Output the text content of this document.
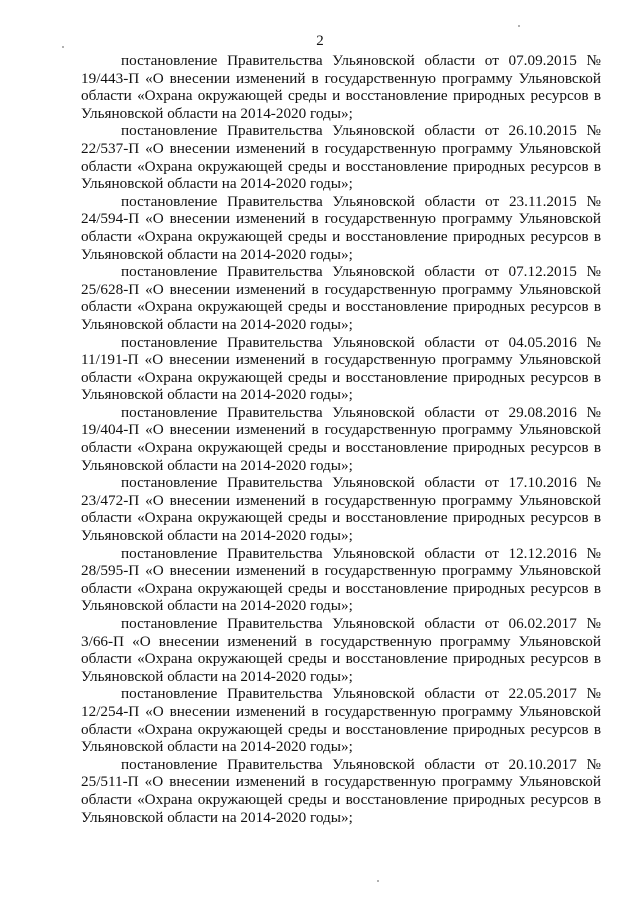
2

постановление Правительства Ульяновской области от 07.09.2015 № 19/443-П «О внесении изменений в государственную программу Ульяновской области «Охрана окружающей среды и восстановление природных ресурсов в Ульяновской области на 2014-2020 годы»;

постановление Правительства Ульяновской области от 26.10.2015 № 22/537-П «О внесении изменений в государственную программу Ульяновской области «Охрана окружающей среды и восстановление природных ресурсов в Ульяновской области на 2014-2020 годы»;

постановление Правительства Ульяновской области от 23.11.2015 № 24/594-П «О внесении изменений в государственную программу Ульяновской области «Охрана окружающей среды и восстановление природных ресурсов в Ульяновской области на 2014-2020 годы»;

постановление Правительства Ульяновской области от 07.12.2015 № 25/628-П «О внесении изменений в государственную программу Ульяновской области «Охрана окружающей среды и восстановление природных ресурсов в Ульяновской области на 2014-2020 годы»;

постановление Правительства Ульяновской области от 04.05.2016 № 11/191-П «О внесении изменений в государственную программу Ульяновской области «Охрана окружающей среды и восстановление природных ресурсов в Ульяновской области на 2014-2020 годы»;

постановление Правительства Ульяновской области от 29.08.2016 № 19/404-П «О внесении изменений в государственную программу Ульяновской области «Охрана окружающей среды и восстановление природных ресурсов в Ульяновской области на 2014-2020 годы»;

постановление Правительства Ульяновской области от 17.10.2016 № 23/472-П «О внесении изменений в государственную программу Ульяновской области «Охрана окружающей среды и восстановление природных ресурсов в Ульяновской области на 2014-2020 годы»;

постановление Правительства Ульяновской области от 12.12.2016 № 28/595-П «О внесении изменений в государственную программу Ульяновской области «Охрана окружающей среды и восстановление природных ресурсов в Ульяновской области на 2014-2020 годы»;

постановление Правительства Ульяновской области от 06.02.2017 № 3/66-П «О внесении изменений в государственную программу Ульяновской области «Охрана окружающей среды и восстановление природных ресурсов в Ульяновской области на 2014-2020 годы»;

постановление Правительства Ульяновской области от 22.05.2017 № 12/254-П «О внесении изменений в государственную программу Ульяновской области «Охрана окружающей среды и восстановление природных ресурсов в Ульяновской области на 2014-2020 годы»;

постановление Правительства Ульяновской области от 20.10.2017 № 25/511-П «О внесении изменений в государственную программу Ульяновской области «Охрана окружающей среды и восстановление природных ресурсов в Ульяновской области на 2014-2020 годы»;
